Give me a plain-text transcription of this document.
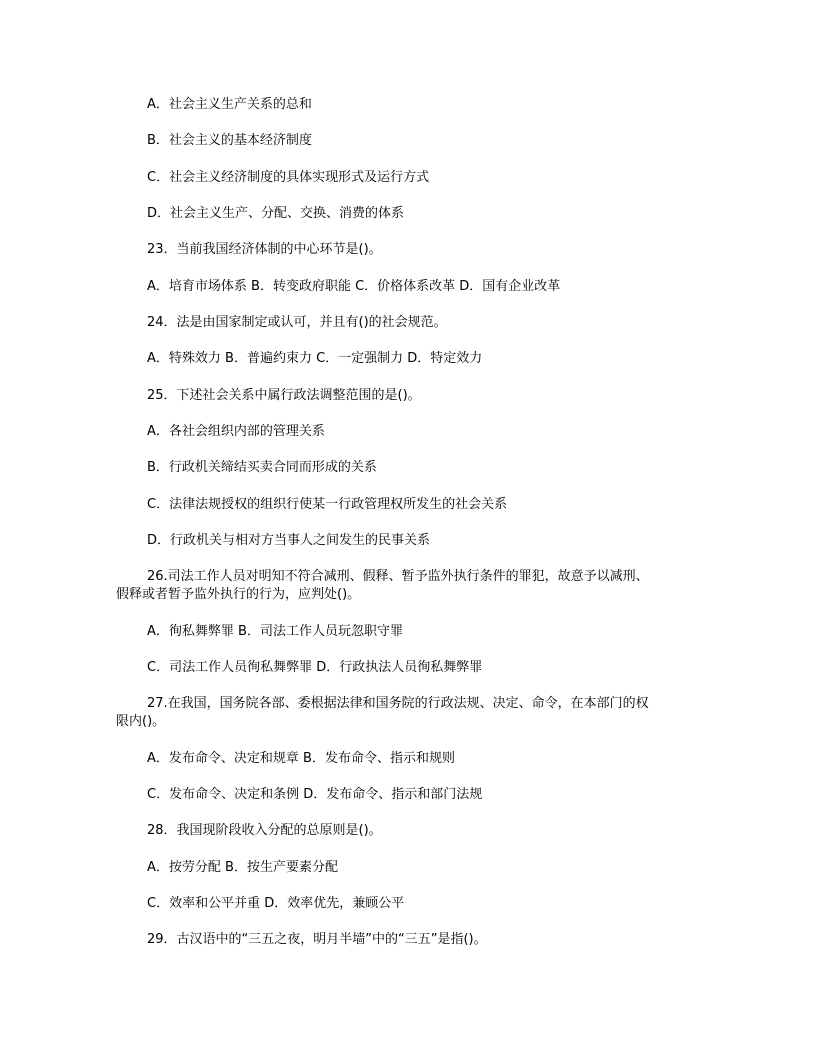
A．社会主义生产关系的总和
B．社会主义的基本经济制度
C．社会主义经济制度的具体实现形式及运行方式
D．社会主义生产、分配、交换、消费的体系
23．当前我国经济体制的中心环节是()。
A．培育市场体系 B．转变政府职能 C．价格体系改革 D．国有企业改革
24．法是由国家制定或认可，并且有()的社会规范。
A．特殊效力 B．普遍约束力 C．一定强制力 D．特定效力
25．下述社会关系中属行政法调整范围的是()。
A．各社会组织内部的管理关系
B．行政机关缔结买卖合同而形成的关系
C．法律法规授权的组织行使某一行政管理权所发生的社会关系
D．行政机关与相对方当事人之间发生的民事关系
26.司法工作人员对明知不符合减刑、假释、暂予监外执行条件的罪犯，故意予以减刑、
假释或者暂予监外执行的行为，应判处()。
A．徇私舞弊罪 B．司法工作人员玩忽职守罪
C．司法工作人员徇私舞弊罪 D．行政执法人员徇私舞弊罪
27.在我国，国务院各部、委根据法律和国务院的行政法规、决定、命令，在本部门的权
限内()。
A．发布命令、决定和规章 B．发布命令、指示和规则
C．发布命令、决定和条例 D．发布命令、指示和部门法规
28．我国现阶段收入分配的总原则是()。
A．按劳分配 B．按生产要素分配
C．效率和公平并重 D．效率优先，兼顾公平
29．古汉语中的“三五之夜，明月半墙”中的“三五”是指()。
